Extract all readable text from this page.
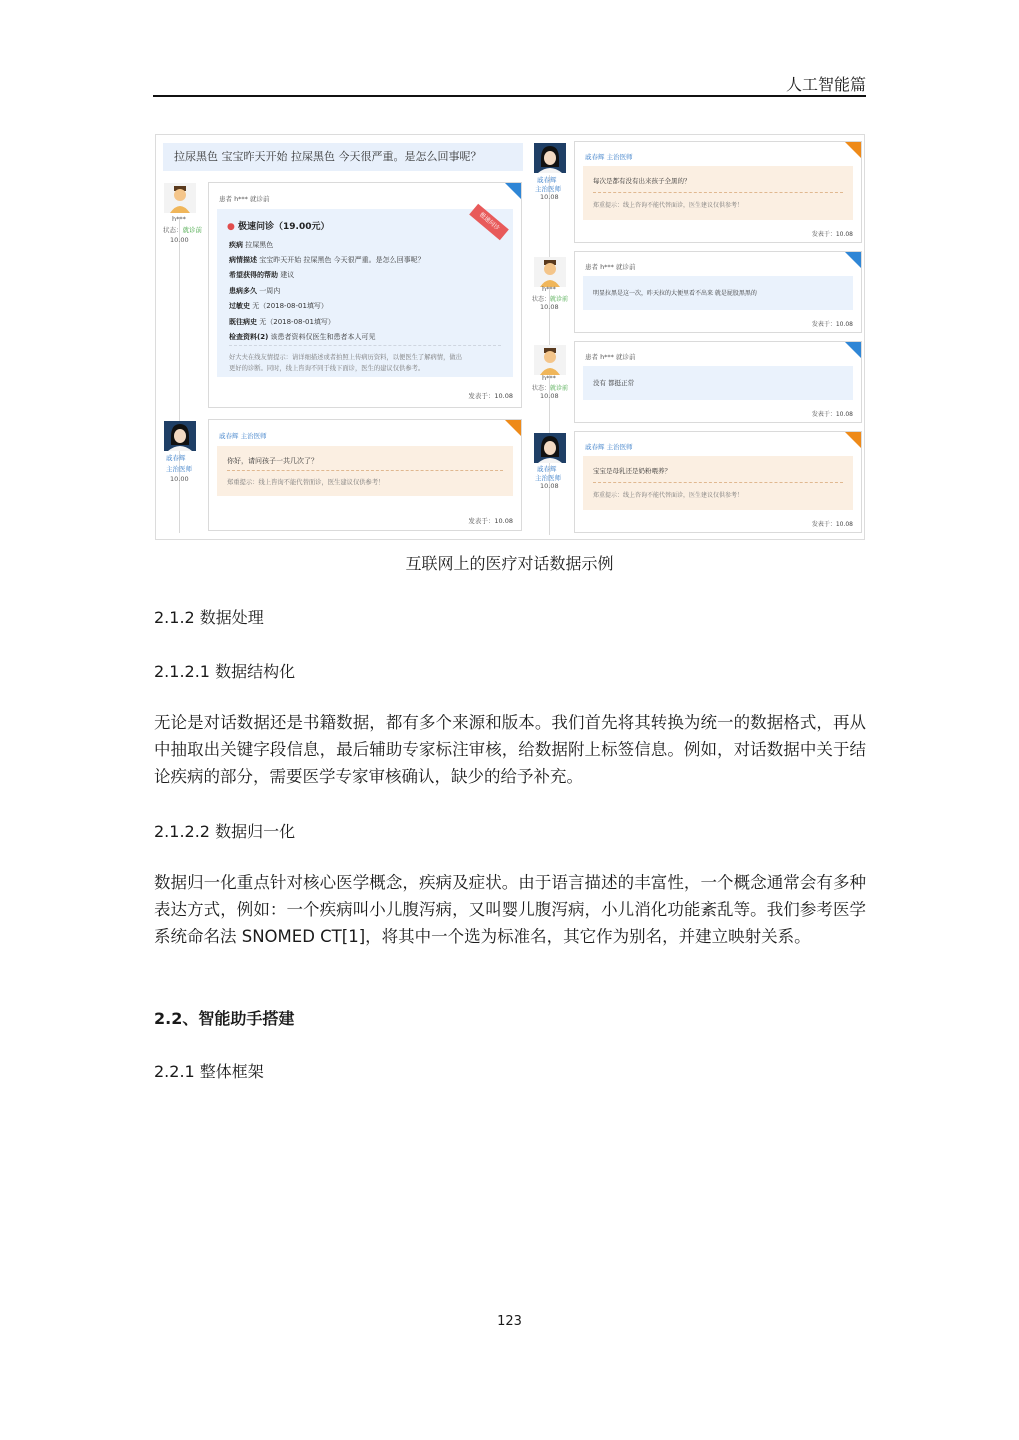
人工智能篇
拉尿黑色 宝宝昨天开始 拉屎黑色 今天很严重。是怎么回事呢？
h***
状态：就诊前
10.00
患者 h*** 就诊前
极速问诊
● 极速问诊（19.00元）
疾病 拉屎黑色
病情描述 宝宝昨天开始 拉屎黑色 今天很严重。是怎么回事呢？
希望获得的帮助 建议
患病多久 一周内
过敏史 无（2018-08-01填写）
既往病史 无（2018-08-01填写）
检查资料(2) 该患者资料仅医生和患者本人可见
好大夫在线友情提示：请详细描述或者拍照上传病历资料，以便医生了解病情，做出
更好的诊断。同时，线上咨询不同于线下面诊，医生的建议仅供参考。
发表于：10.08
戚春辉
主治医师
10.00
戚春辉 主治医师
你好，请问孩子一共几次了？
郑重提示：线上咨询不能代替面诊，医生建议仅供参考！
发表于：10.08
戚春辉
主治医师
10.08
戚春辉 主治医师
每次是都有没有出来孩子全黑的？
郑重提示：线上咨询不能代替面诊，医生建议仅供参考！
发表于：10.08
h***
状态：就诊前
10.08
患者 h*** 就诊前
明显拉黑是这一次，昨天拉的大便里看不出来 就是屁股黑黑的
发表于：10.08
h***
状态：就诊前
10.08
患者 h*** 就诊前
没有 都挺正常
发表于：10.08
戚春辉
主治医师
10.08
戚春辉 主治医师
宝宝是母乳还是奶粉喂养？
郑重提示：线上咨询不能代替面诊，医生建议仅供参考！
发表于：10.08
互联网上的医疗对话数据示例
2.1.2 数据处理
2.1.2.1 数据结构化
无论是对话数据还是书籍数据，都有多个来源和版本。我们首先将其转换为统一的数据格式，再从中抽取出关键字段信息，最后辅助专家标注审核，给数据附上标签信息。例如，对话数据中关于结论疾病的部分，需要医学专家审核确认，缺少的给予补充。
2.1.2.2 数据归一化
数据归一化重点针对核心医学概念，疾病及症状。由于语言描述的丰富性，一个概念通常会有多种表达方式，例如：一个疾病叫小儿腹泻病，又叫婴儿腹泻病，小儿消化功能紊乱等。我们参考医学系统命名法 SNOMED CT[1]，将其中一个选为标准名，其它作为别名，并建立映射关系。
2.2、智能助手搭建
2.2.1 整体框架
123
